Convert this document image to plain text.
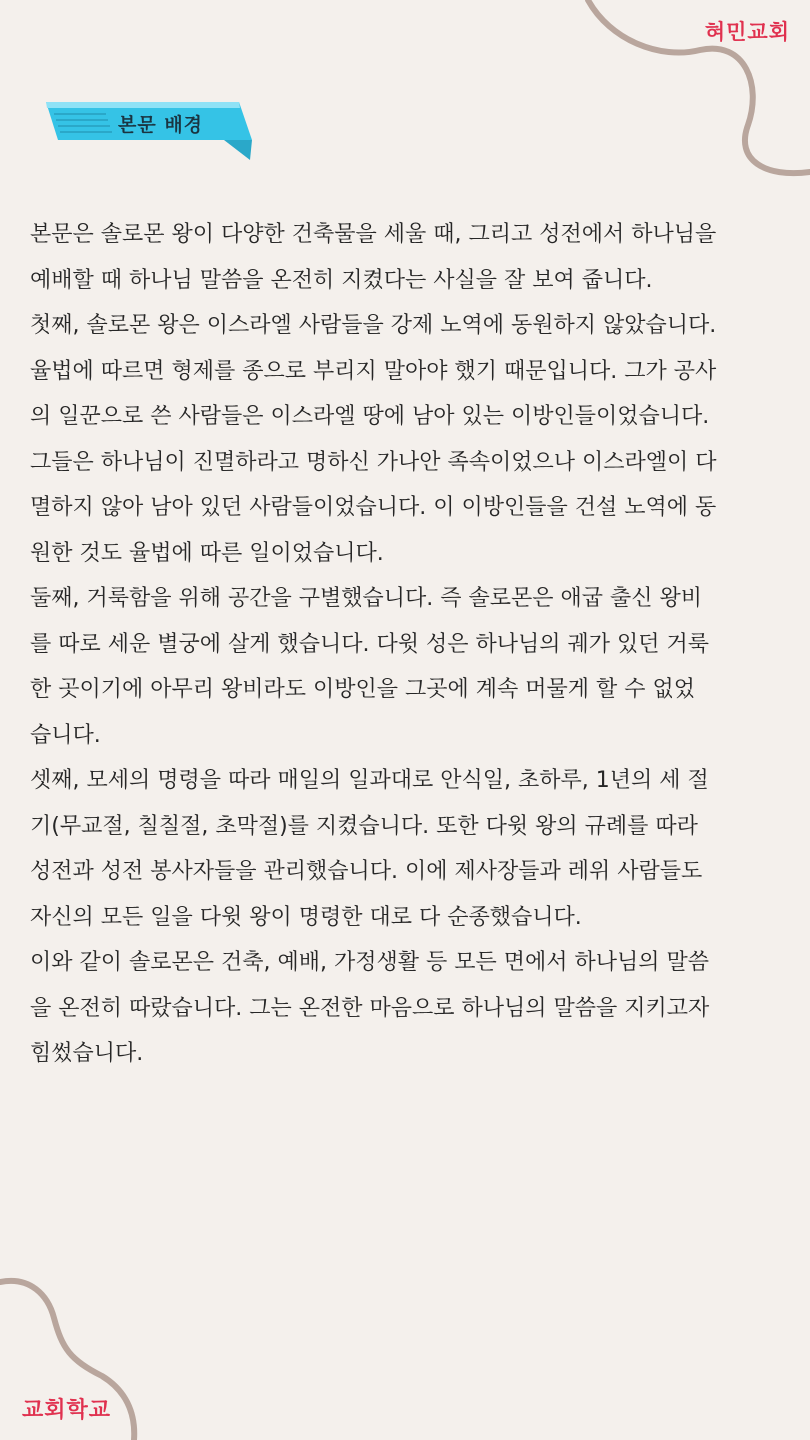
혀민교회
본문 배경

본문은 솔로몬 왕이 다양한 건축물을 세울 때, 그리고 성전에서 하나님을
예배할 때 하나님 말씀을 온전히 지켰다는 사실을 잘 보여 줍니다.

첫째, 솔로몬 왕은 이스라엘 사람들을 강제 노역에 동원하지 않았습니다.
율법에 따르면 형제를 종으로 부리지 말아야 했기 때문입니다. 그가 공사
의 일꾼으로 쓴 사람들은 이스라엘 땅에 남아 있는 이방인들이었습니다.
그들은 하나님이 진멸하라고 명하신 가나안 족속이었으나 이스라엘이 다
멸하지 않아 남아 있던 사람들이었습니다. 이 이방인들을 건설 노역에 동
원한 것도 율법에 따른 일이었습니다.

둘째, 거룩함을 위해 공간을 구별했습니다. 즉 솔로몬은 애굽 출신 왕비
를 따로 세운 별궁에 살게 했습니다. 다윗 성은 하나님의 궤가 있던 거룩
한 곳이기에 아무리 왕비라도 이방인을 그곳에 계속 머물게 할 수 없었
습니다.

셋째, 모세의 명령을 따라 매일의 일과대로 안식일, 초하루, 1년의 세 절
기(무교절, 칠칠절, 초막절)를 지켰습니다. 또한 다윗 왕의 규례를 따라
성전과 성전 봉사자들을 관리했습니다. 이에 제사장들과 레위 사람들도
자신의 모든 일을 다윗 왕이 명령한 대로 다 순종했습니다.

이와 같이 솔로몬은 건축, 예배, 가정생활 등 모든 면에서 하나님의 말씀
을 온전히 따랐습니다. 그는 온전한 마음으로 하나님의 말씀을 지키고자
힘썼습니다.

교회학교
